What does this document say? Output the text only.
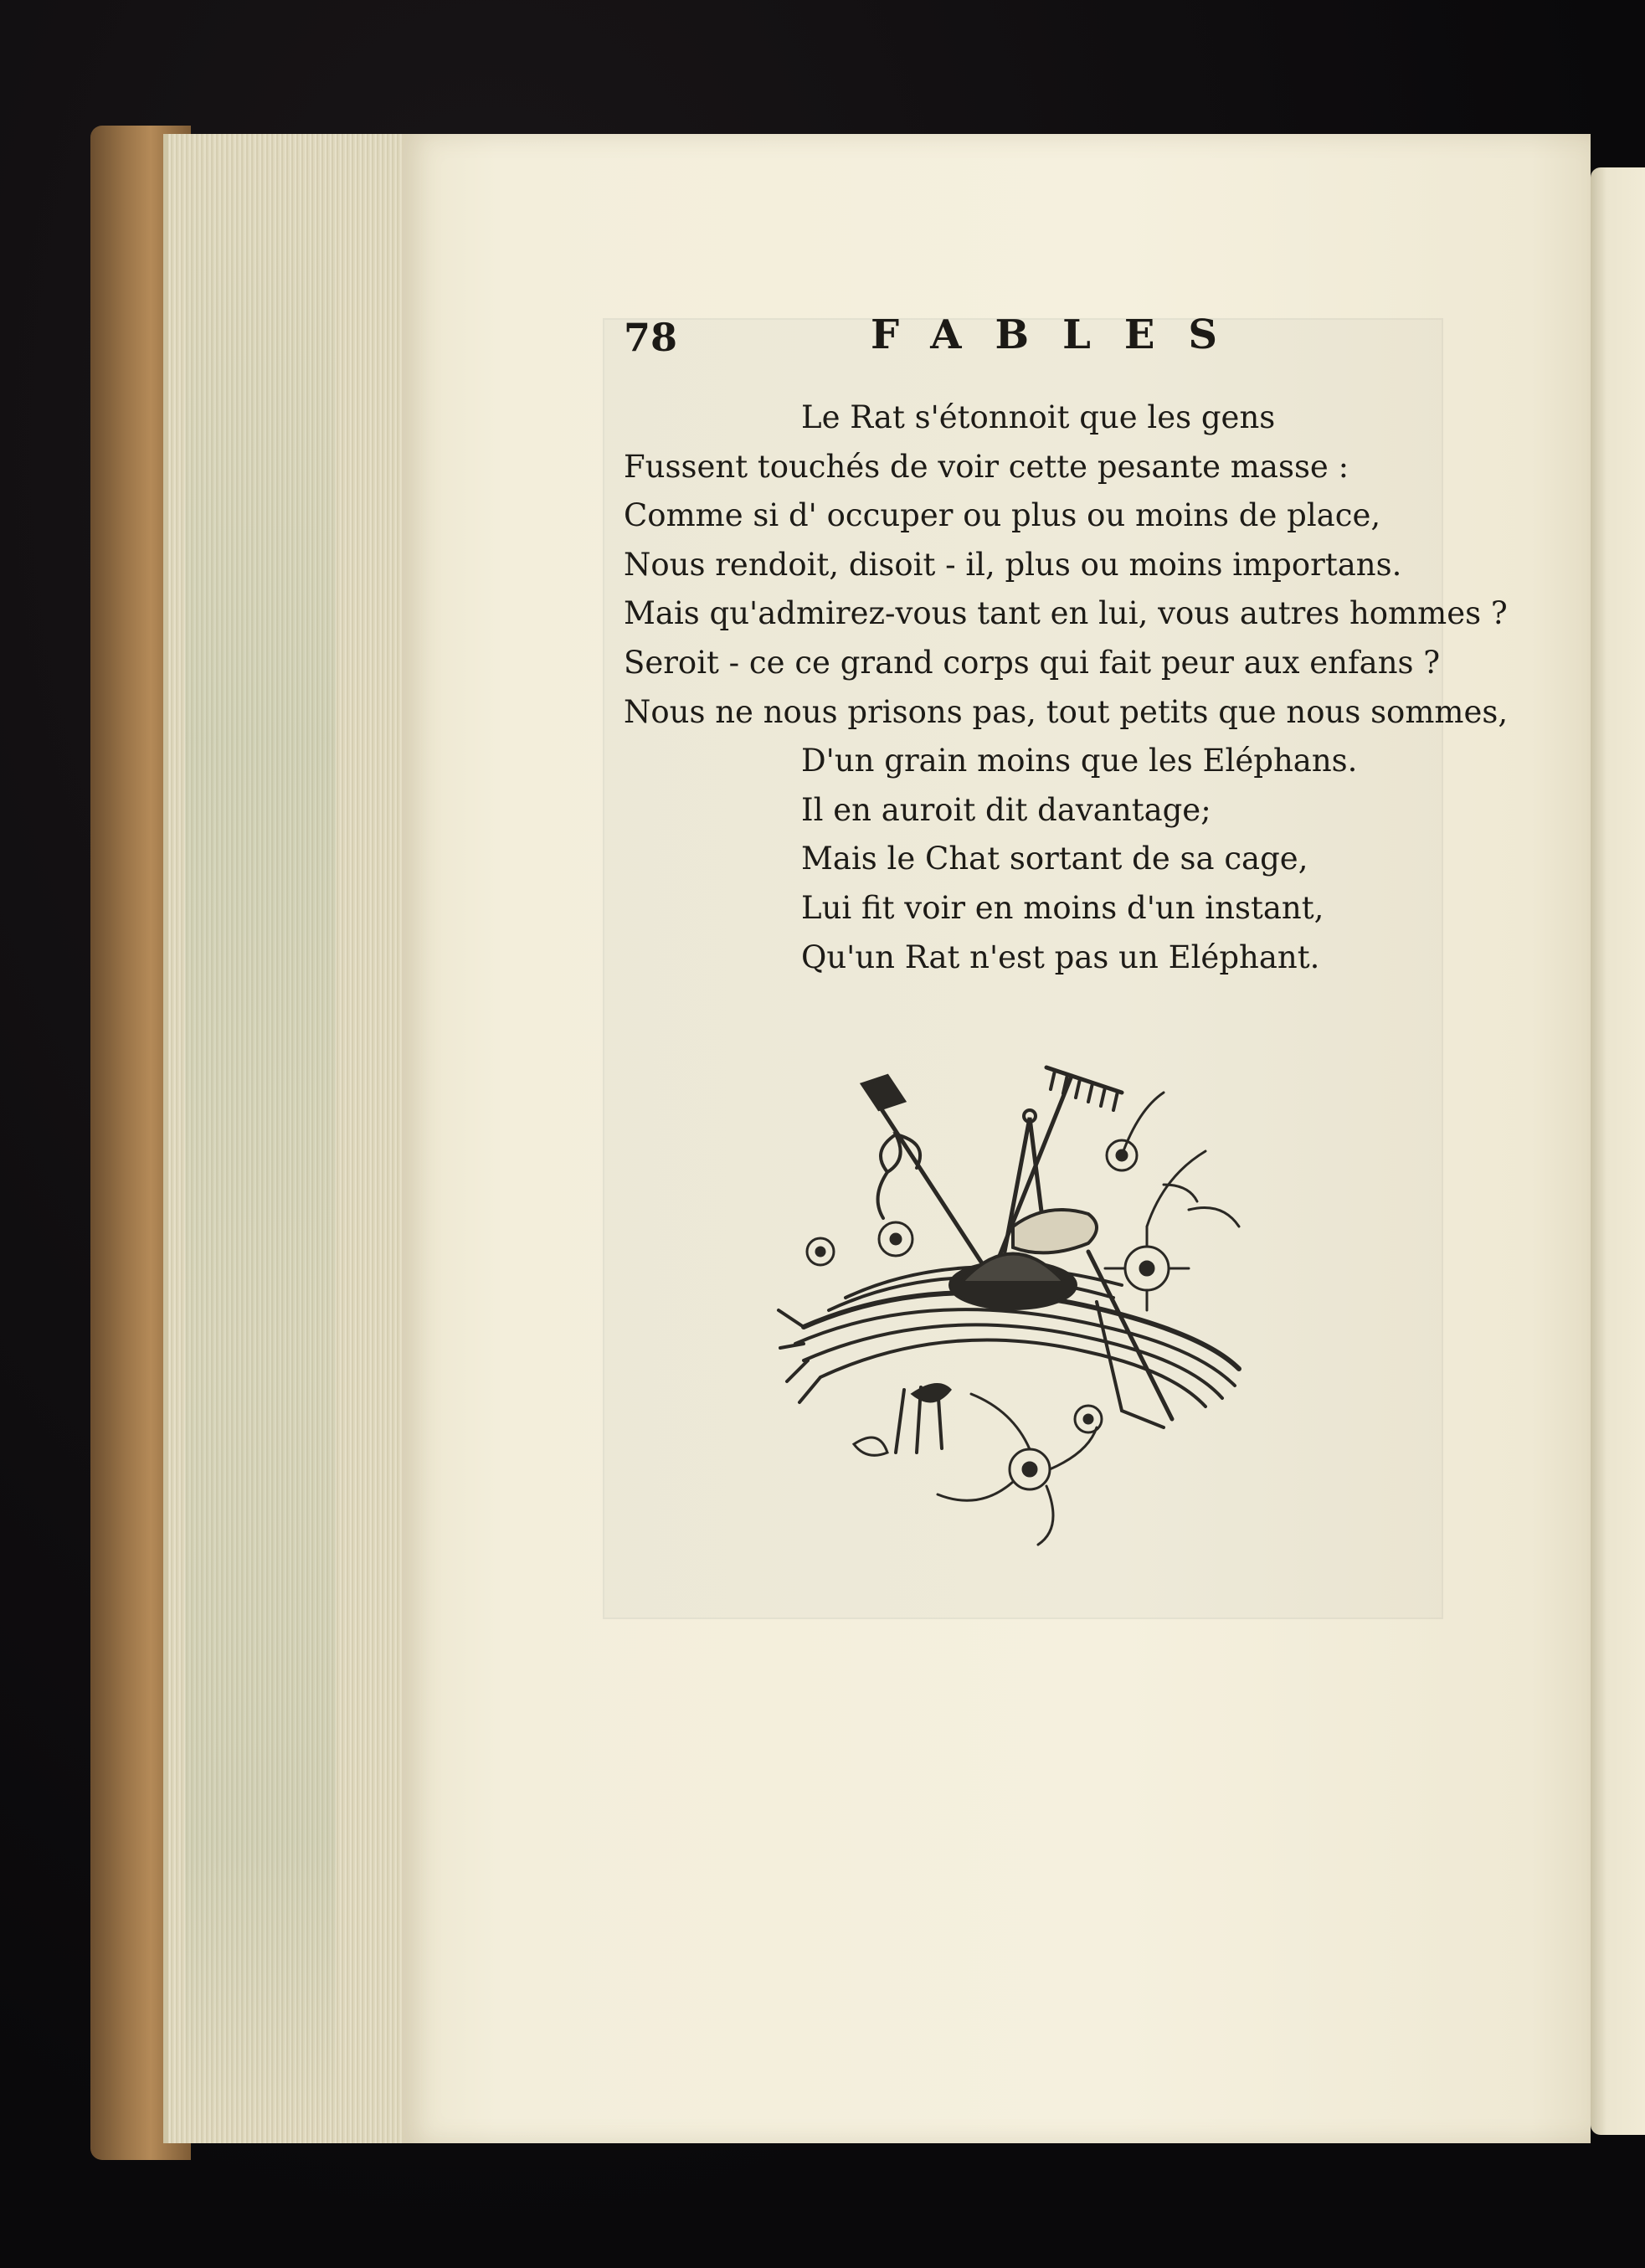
78	FABLES
Le Rat s'étonnoit que les gens
Fussent touchés de voir cette pesante masse :
Comme si d' occuper ou plus ou moins de place,
Nous rendoit, disoit - il, plus ou moins importans.
Mais qu'admirez-vous tant en lui, vous autres hommes ?
Seroit - ce ce grand corps qui fait peur aux enfans ?
Nous ne nous prisons pas, tout petits que nous sommes,
D'un grain moins que les Eléphans.
Il en auroit dit davantage;
Mais le Chat sortant de sa cage,
Lui fit voir en moins d'un instant,
Qu'un Rat n'est pas un Eléphant.
